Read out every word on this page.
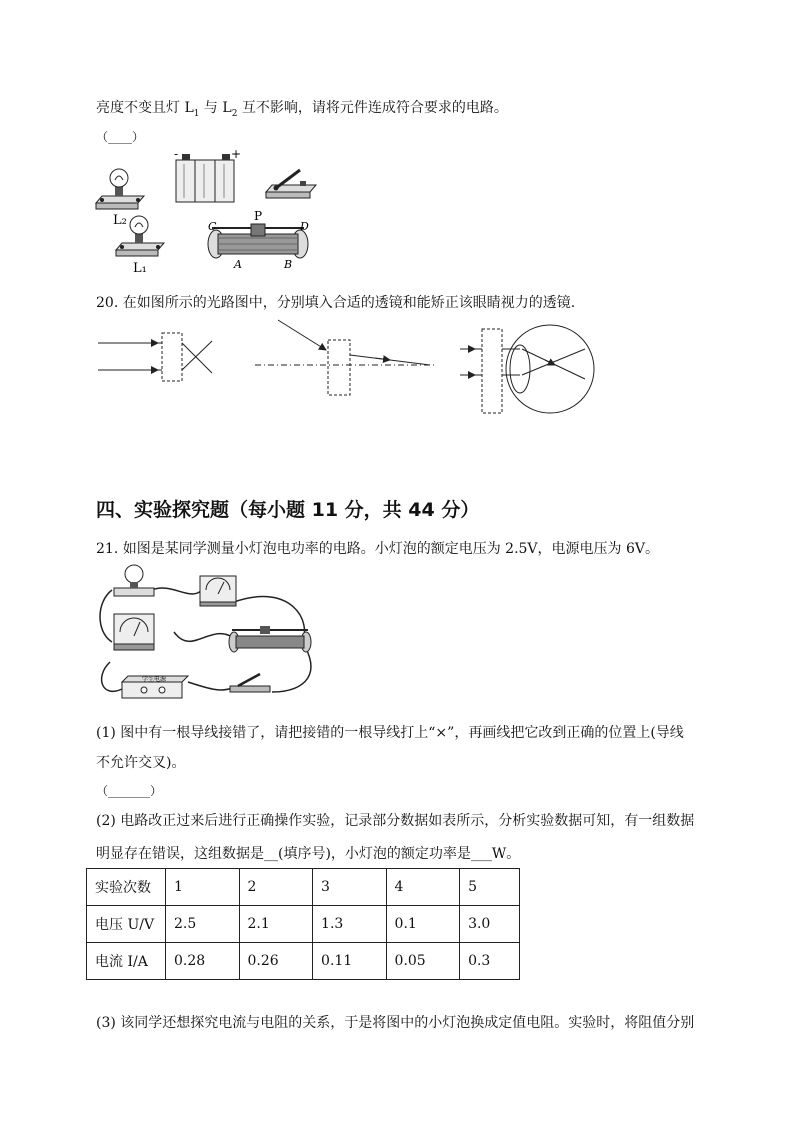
亮度不变且灯 $L_1$ 与 $L_2$ 互不影响，请将元件连成符合要求的电路。
（____）
L₂
L₁
-	+
P
C	D
A	B
20. 在如图所示的光路图中，分别填入合适的透镜和能矫正该眼睛视力的透镜.
四、实验探究题（每小题 11 分，共 44 分）
21. 如图是某同学测量小灯泡电功率的电路。小灯泡的额定电压为 2.5V，电源电压为 6V。
学生电源
(1) 图中有一根导线接错了，请把接错的一根导线打上“×”，再画线把它改到正确的位置上(导线
不允许交叉)。
（_______）
(2) 电路改正过来后进行正确操作实验，记录部分数据如表所示，分析实验数据可知，有一组数据
明显存在错误，这组数据是__(填序号)，小灯泡的额定功率是___W。
实验次数	1	2	3	4	5
电压 U/V	2.5	2.1	1.3	0.1	3.0
电流 I/A	0.28	0.26	0.11	0.05	0.3
(3) 该同学还想探究电流与电阻的关系，于是将图中的小灯泡换成定值电阻。实验时，将阻值分别
